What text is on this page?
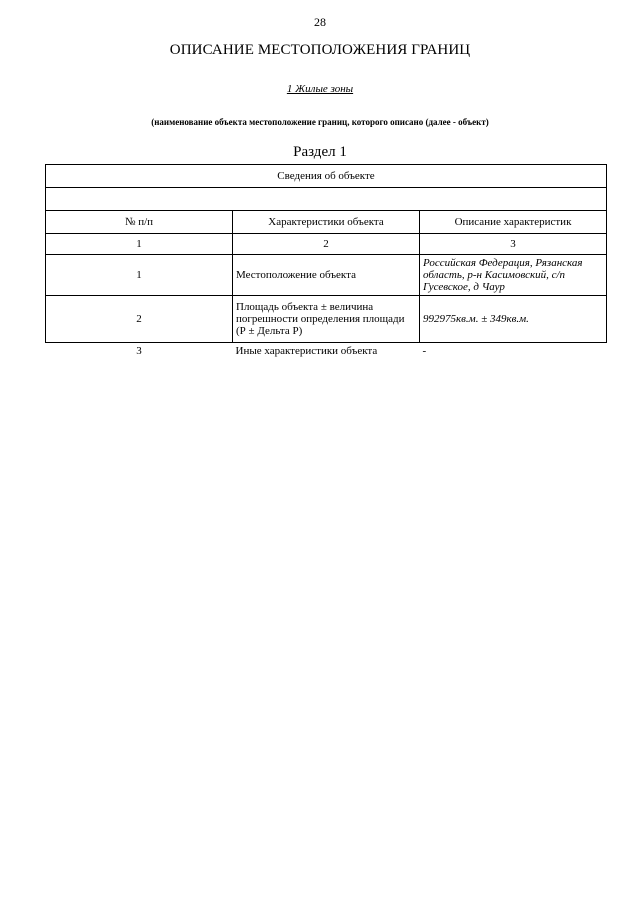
28
ОПИСАНИЕ МЕСТОПОЛОЖЕНИЯ ГРАНИЦ
1 Жилые зоны
(наименование объекта местоположение границ, которого описано (далее - объект)
Раздел 1
Сведения об объекте		

№ п/п	Характеристики объекта	Описание характеристик
1	2	3
1	Местоположение объекта	Российская Федерация, Рязанская область, р-н Касимовский, с/п Гусевское, д Чаур
2	Площадь объекта ± величина погрешности определения площади (Р ± Дельта Р)	992975кв.м. ± 349кв.м.
3	Иные характеристики объекта	-
